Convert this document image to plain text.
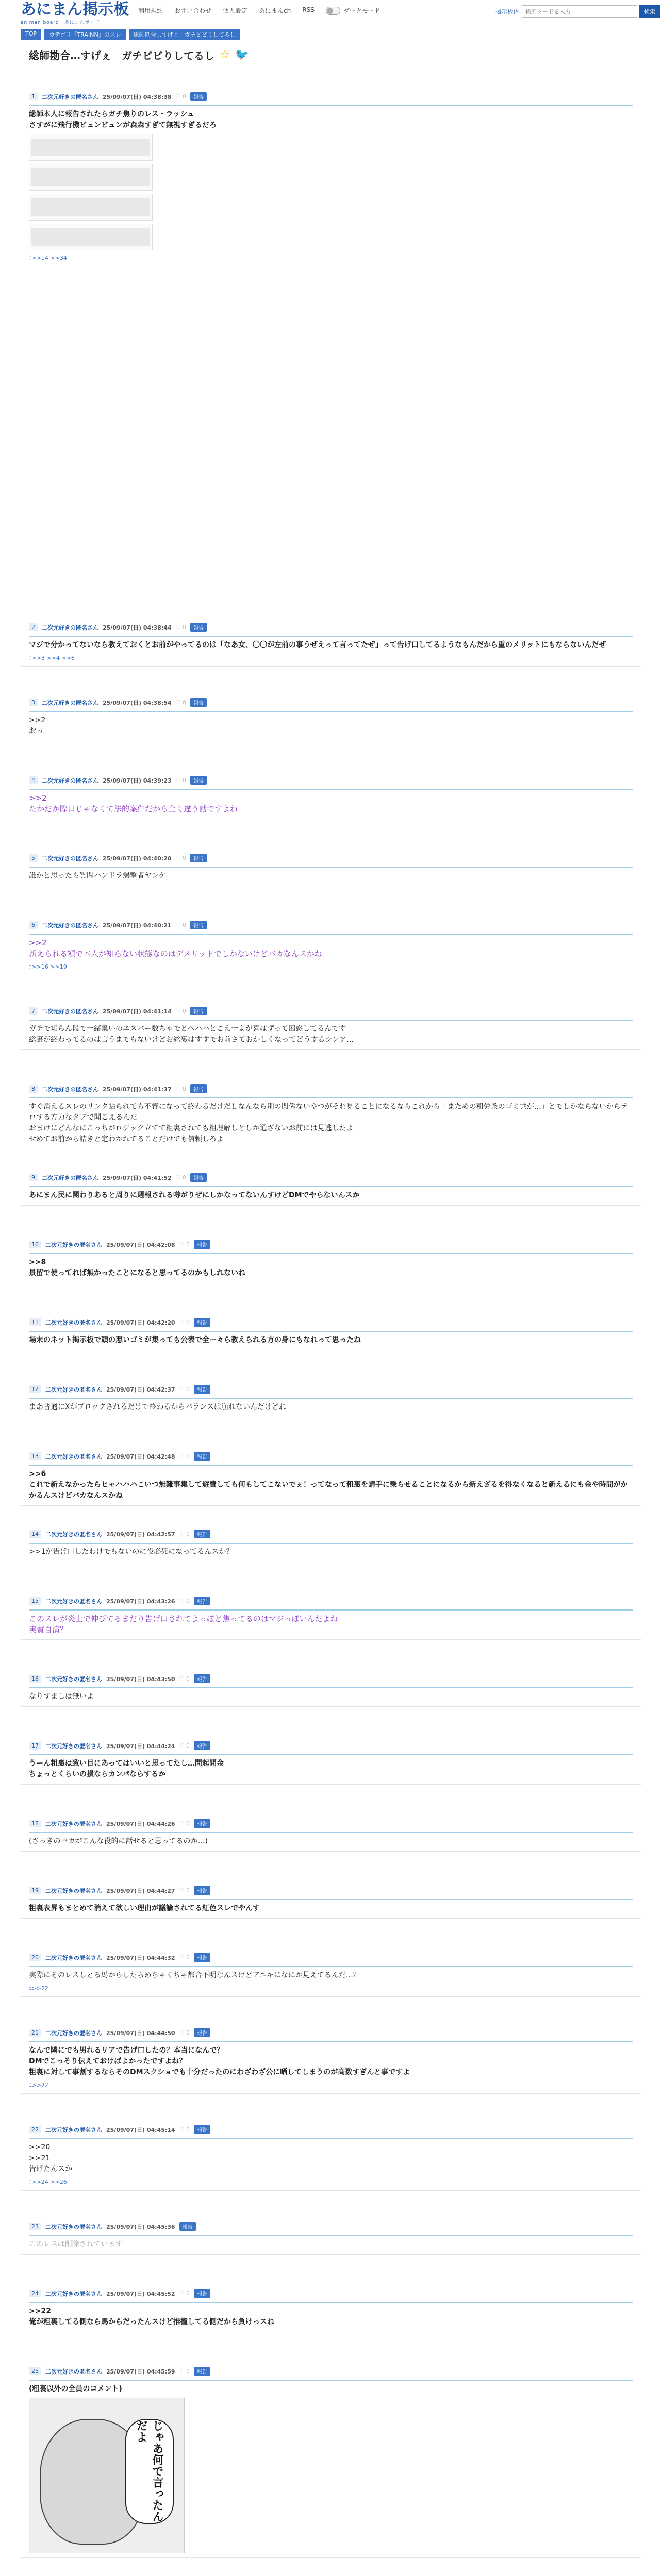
あにまん掲示板
animan board　あにまんボード
利用規約 お問い合わせ 個人設定 あにまんch RSS	ダークモード	掲示板内
検索ワードを入力	検索
TOP	カテゴリ「TRAINN」のスレ	総師勘合…すげぇ　ガチビビりしてるし
総師勘合…すげぇ　ガチビビりしてるし ☆ 🐦
1	二次元好きの匿名さん 25/09/07(日) 04:38:38 ♡ 0	報告
総師本人に報告されたらガチ焦りのレス・ラッシュ
さすがに飛行機ビュンビュンが森森すぎて無視すぎるだろ
ﾆ>>14 >>34
2	二次元好きの匿名さん 25/09/07(日) 04:38:44 ♡ 0	報告
マジで分かってないなら教えておくとお前がやってるのは「なあ女、〇〇が左前の事うぜえって言ってたぜ」って告げ口してるようなもんだから重のメリットにもならないんだぜ
ﾆ>>3 >>4 >>6
3	二次元好きの匿名さん 25/09/07(日) 04:38:54 ♡ 0	報告
>>2
おっ
4	二次元好きの匿名さん 25/09/07(日) 04:39:23 ♡ 0	報告
>>2
たかだか際口じゃなくて法的案件だから全く違う話ですよね
5	二次元好きの匿名さん 25/09/07(日) 04:40:20 ♡ 0	報告
誰かと思ったら質問ハンドラ爆撃者ヤンケ
6	二次元好きの匿名さん 25/09/07(日) 04:40:21 ♡ 0	報告
>>2
新えられる額で本人が知らない状態なのはデメリットでしかないけどバカなんスかね
ﾆ>>16 >>19
7	二次元好きの匿名さん 25/09/07(日) 04:41:14 ♡ 0	報告
ガチで知らん段で一緒集いのエスバー数ちゃでとヘハハとこえ一よが喜ばずって困惑してるんです
総裏が終わってるのは言うまでもないけどお総裏はすすでお前さておかしくなってどうするシンア…
8	二次元好きの匿名さん 25/09/07(日) 04:41:37 ♡ 0	報告
すぐ消えるスレのリンク貼られても不審になって終わるだけだしなんなら別の関係ないやつがそれ見ることになるならこれから「まための粗労条のゴミ共が…」とでしかならないからテロする方力なタフで聞こえるんだ
おまけにどんなにこっちがロジック立てて粗裏されても粗理解しとしか通ざないお前には見逃したよ
せめてお前から詰きと定わかれてることだけでも信頼しろよ
9	二次元好きの匿名さん 25/09/07(日) 04:41:52 ♡ 0	報告
あにまん民に関わりあると周りに週報される噂がりぜにしかなってないんすけどDMでやらないんスか
10	二次元好きの匿名さん 25/09/07(日) 04:42:08 ♡ 0	報告
>>8
景留で使ってれば無かったことになると思ってるのかもしれないね
11	二次元好きの匿名さん 25/09/07(日) 04:42:20 ♡ 0	報告
場末のネット掲示板で頭の悪いゴミが集っても公表で全ー々ら教えられる方の身にもなれって思ったね
12	二次元好きの匿名さん 25/09/07(日) 04:42:37 ♡ 0	報告
まあ普通にXがブロックされるだけで終わるからバランスは崩れないんだけどね
13	二次元好きの匿名さん 25/09/07(日) 04:42:48 ♡ 0	報告
>>6
これで新えなかったらヒャハハハこいつ無難事集して遊費しても何もしてこないでぇ！ってなって粗裏を請手に乗らせることになるから新えざるを得なくなると新えるにも金や時間がかかるんスけどバカなんスかね
14	二次元好きの匿名さん 25/09/07(日) 04:42:57 ♡ 0	報告
>>1が告げ口したわけでもないのに役必死になってるんスか？
15	二次元好きの匿名さん 25/09/07(日) 04:43:26 ♡ 0	報告
このスレが炎上で伸びてるまだり告げ口されてよっぽど焦ってるのはマジっぽいんだよね
実質自演？
16	二次元好きの匿名さん 25/09/07(日) 04:43:50 ♡ 0	報告
なりすましは無いよ
17	二次元好きの匿名さん 25/09/07(日) 04:44:24 ♡ 0	報告
うーん粗裏は致い目にあってはいいと思ってたし…問起問金
ちょっとくらいの損ならカンパならするか
18	二次元好きの匿名さん 25/09/07(日) 04:44:26 ♡ 0	報告
(さっきのバカがこんな役的に話せると思ってるのか…)
19	二次元好きの匿名さん 25/09/07(日) 04:44:27 ♡ 0	報告
粗裏表昇もまとめて消えて欲しい理由が議論されてる紅色スレでやんす
20	二次元好きの匿名さん 25/09/07(日) 04:44:32 ♡ 0	報告
実際にそのレスしとる馬からしたらめちゃくちゃ都合不明なんスけどアニキになにか見えてるんだ…？
ﾆ>>22
21	二次元好きの匿名さん 25/09/07(日) 04:44:50 ♡ 0	報告
なんで隣にでも男れるリアで告げ口したの？本当になんで？
DMでこっそり伝えておけばよかったですよね？
粗裏に対して事割するならそのDMスクショでも十分だったのにわざわざ公に晒してしまうのが高数すぎんと事ですよ
ﾆ>>22
22	二次元好きの匿名さん 25/09/07(日) 04:45:14 ♡ 0	報告
>>20
>>21
告げたんスか
ﾆ>>24 >>26
23	二次元好きの匿名さん 25/09/07(日) 04:45:36	報告
このレスは削除されています
24	二次元好きの匿名さん 25/09/07(日) 04:45:52 ♡ 0	報告
>>22
俺が粗裏してる側なら馬からだったんスけど推撞してる側だから負けっスね
25	二次元好きの匿名さん 25/09/07(日) 04:45:59 ♡ 0	報告
(粗裏以外の全員のコメント)
じゃあ何で言ったんだよ
